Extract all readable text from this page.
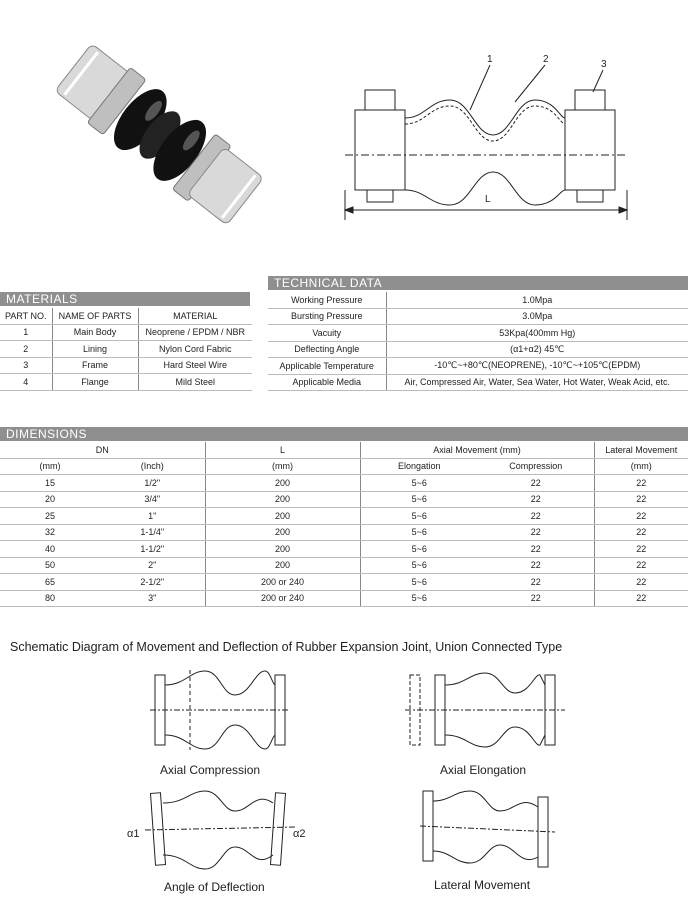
1	2	3
L
TECHNICAL DATA
Working Pressure	1.0Mpa
Bursting Pressure	3.0Mpa
Vacuity	53Kpa(400mm Hg)
Deflecting Angle	(α1+α2) 45℃
Applicable Temperature	-10℃~+80℃(NEOPRENE), -10℃~+105℃(EPDM)
Applicable Media	Air, Compressed Air, Water, Sea Water, Hot Water, Weak Acid, etc.
MATERIALS
PART NO.	NAME OF PARTS	MATERIAL
1	Main Body	Neoprene / EPDM / NBR
2	Lining	Nylon Cord Fabric
3	Frame	Hard Steel Wire
4	Flange	Mild Steel
DIMENSIONS
DN		L	Axial Movement (mm)		Lateral Movement
(mm)	(Inch)	(mm)	Elongation	Compression	(mm)
15	1/2"	200	5~6	22	22
20	3/4"	200	5~6	22	22
25	1"	200	5~6	22	22
32	1-1/4"	200	5~6	22	22
40	1-1/2"	200	5~6	22	22
50	2"	200	5~6	22	22
65	2-1/2"	200 or 240	5~6	22	22
80	3"	200 or 240	5~6	22	22
Schematic Diagram of Movement and Deflection of Rubber Expansion Joint, Union Connected Type
Axial Compression	Axial Elongation
α1	α2
Angle of Deflection	Lateral Movement
